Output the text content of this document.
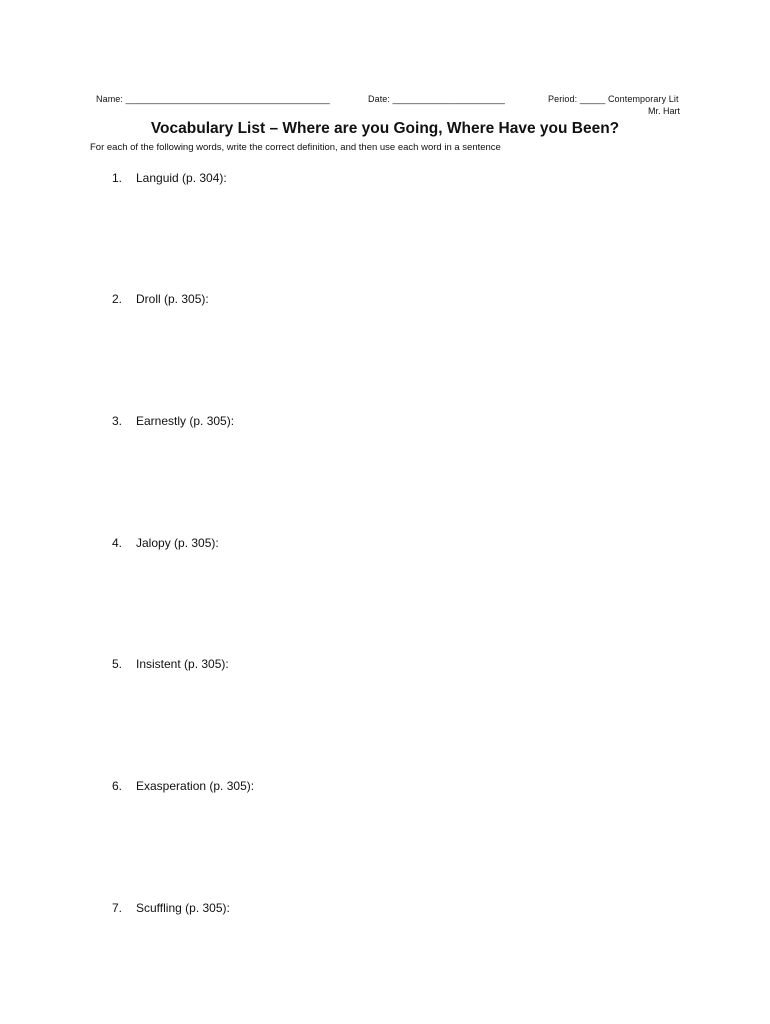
Name: ________________________________________	Date: ______________________	Period: _____ Contemporary Lit
Mr. Hart
Vocabulary List – Where are you Going, Where Have you Been?
For each of the following words, write the correct definition, and then use each word in a sentence
1. Languid (p. 304):
2. Droll (p. 305):
3. Earnestly (p. 305):
4. Jalopy (p. 305):
5. Insistent (p. 305):
6. Exasperation (p. 305):
7. Scuffling (p. 305):
